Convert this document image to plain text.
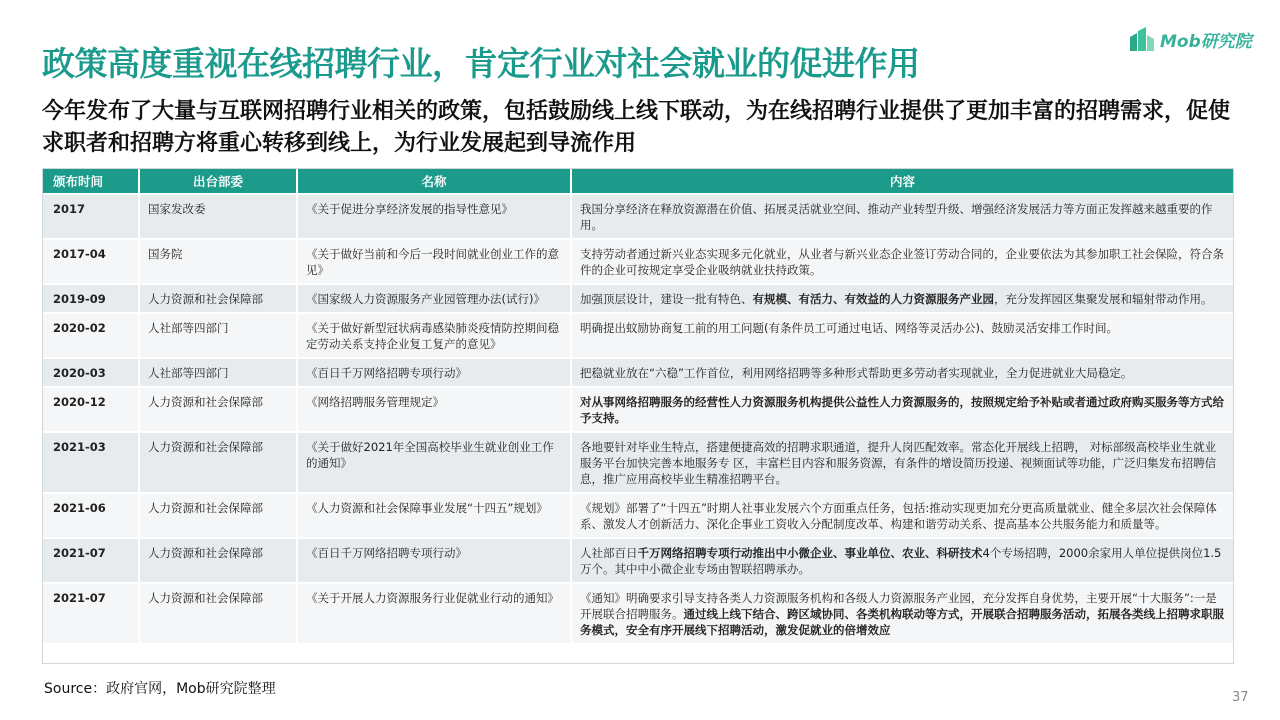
政策高度重视在线招聘行业，肯定行业对社会就业的促进作用
Mob研究院
今年发布了大量与互联网招聘行业相关的政策，包括鼓励线上线下联动，为在线招聘行业提供了更加丰富的招聘需求，促使求职者和招聘方将重心转移到线上，为行业发展起到导流作用
颁布时间	出台部委	名称	内容
2017	国家发改委	《关于促进分享经济发展的指导性意见》	我国分享经济在释放资源潜在价值、拓展灵活就业空间、推动产业转型升级、增强经济发展活力等方面正发挥越来越重要的作用。
2017-04	国务院	《关于做好当前和今后一段时间就业创业工作的意见》	支持劳动者通过新兴业态实现多元化就业，从业者与新兴业态企业签订劳动合同的，企业要依法为其参加职工社会保险，符合条件的企业可按规定享受企业吸纳就业扶持政策。
2019-09	人力资源和社会保障部	《国家级人力资源服务产业园管理办法(试行)》	加强顶层设计，建设一批有特色、有规模、有活力、有效益的人力资源服务产业园，充分发挥园区集聚发展和辐射带动作用。
2020-02	人社部等四部门	《关于做好新型冠状病毒感染肺炎疫情防控期间稳定劳动关系支持企业复工复产的意见》	明确提出蚊励协商复工前的用工问题(有条件员工可通过电话、网络等灵活办公)、鼓励灵活安排工作时间。
2020-03	人社部等四部门	《百日千万网络招聘专项行动》	把稳就业放在“六稳”工作首位，利用网络招聘等多种形式帮助更多劳动者实现就业，全力促进就业大局稳定。
2020-12	人力资源和社会保障部	《网络招聘服务管理规定》	对从事网络招聘服务的经营性人力资源服务机构提供公益性人力资源服务的，按照规定给予补贴或者通过政府购买服务等方式给予支持。
2021-03	人力资源和社会保障部	《关于做好2021年全国高校毕业生就业创业工作的通知》	各地要针对毕业生特点，搭建便捷高效的招聘求职通道，提升人岗匹配效率。常态化开展线上招聘， 对标部级高校毕业生就业服务平台加快完善本地服务专 区，丰富栏目内容和服务资源，有条件的增设简历投递、视频面试等功能，广泛归集发布招聘信息，推广应用高校毕业生精准招聘平台。
2021-06	人力资源和社会保障部	《人力资源和社会保障事业发展“十四五”规划》	《规划》部署了“十四五”时期人社事业发展六个方面重点任务，包括:推动实现更加充分更高质量就业、健全多层次社会保障体系、激发人才创新活力、深化企事业工资收入分配制度改革、构建和谐劳动关系、提高基本公共服务能力和质量等。
2021-07	人力资源和社会保障部	《百日千万网络招聘专项行动》	人社部百日千万网络招聘专项行动推出中小微企业、事业单位、农业、科研技术4个专场招聘，2000余家用人单位提供岗位1.5万个。其中中小微企业专场由智联招聘承办。
2021-07	人力资源和社会保障部	《关于开展人力资源服务行业促就业行动的通知》	《通知》明确要求引导支持各类人力资源服务机构和各级人力资源服务产业园，充分发挥自身优势，主要开展“十大服务”:一是开展联合招聘服务。通过线上线下结合、跨区域协同、各类机构联动等方式，开展联合招聘服务活动，拓展各类线上招聘求职服务模式，安全有序开展线下招聘活动，激发促就业的倍增效应
Source：政府官网，Mob研究院整理
37
